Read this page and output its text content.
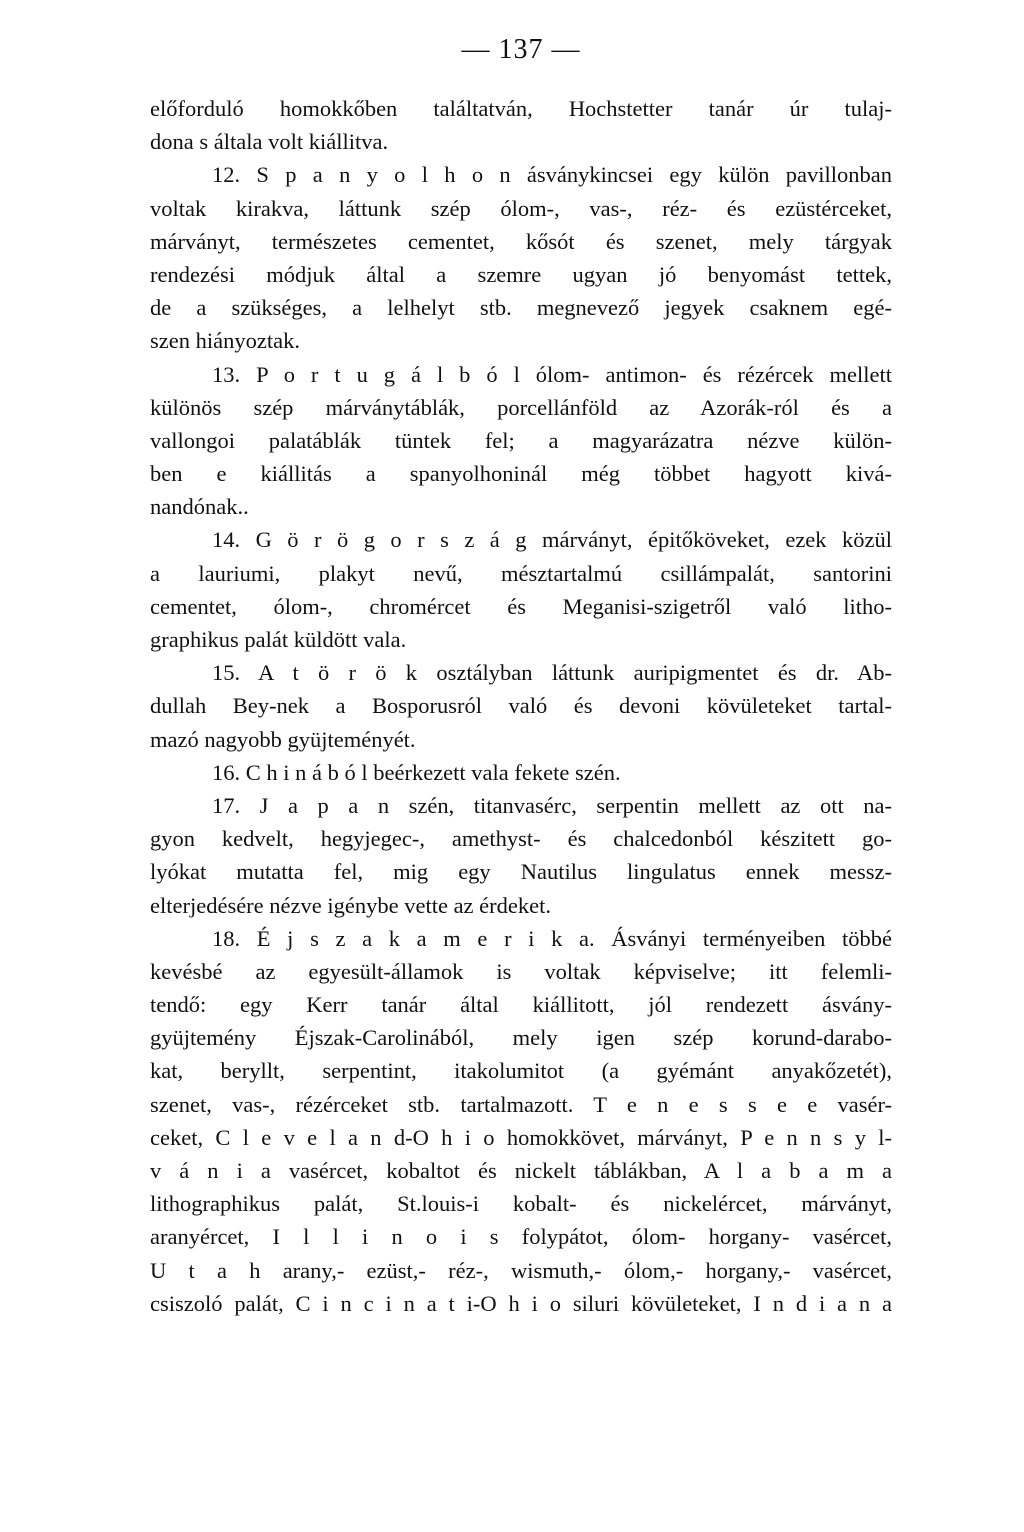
— 137 —
előforduló homokkőben találtatván, Hochstetter tanár úr tulaj-
dona s általa volt kiállitva.
12. S p a n y o l h o n ásványkincsei egy külön pavillonban
voltak kirakva, láttunk szép ólom-, vas-, réz- és ezüstérceket,
márványt, természetes cementet, kősót és szenet, mely tárgyak
rendezési módjuk által a szemre ugyan jó benyomást tettek,
de a szükséges, a lelhelyt stb. megnevező jegyek csaknem egé-
szen hiányoztak.
13. P o r t u g á l b ó l ólom- antimon- és rézércek mellett
különös szép márványtáblák, porcellánföld az Azorák-ról és a
vallongoi palatáblák tüntek fel; a magyarázatra nézve külön-
ben e kiállitás a spanyolhoninál még többet hagyott kivá-
nandónak..
14. G ö r ö g o r s z á g márványt, épitőköveket, ezek közül
a lauriumi, plakyt nevű, mésztartalmú csillámpalát, santorini
cementet, ólom-, chromércet és Meganisi-szigetről való litho-
graphikus palát küldött vala.
15. A t ö r ö k osztályban láttunk auripigmentet és dr. Ab-
dullah Bey-nek a Bosporusról való és devoni kövületeket tartal-
mazó nagyobb gyüjteményét.
16. C h i n á b ó l beérkezett vala fekete szén.
17. J a p a n szén, titanvasérc, serpentin mellett az ott na-
gyon kedvelt, hegyjegec-, amethyst- és chalcedonból készitett go-
lyókat mutatta fel, mig egy Nautilus lingulatus ennek messz-
elterjedésére nézve igénybe vette az érdeket.
18. É j s z a k a m e r i k a. Ásványi terményeiben többé
kevésbé az egyesült-államok is voltak képviselve; itt felemli-
tendő: egy Kerr tanár által kiállitott, jól rendezett ásvány-
gyüjtemény Éjszak-Carolinából, mely igen szép korund-darabo-
kat, beryllt, serpentint, itakolumitot (a gyémánt anyakőzetét),
szenet, vas-, rézérceket stb. tartalmazott. T e n e s s e e vasér-
ceket, C l e v e l a n d-O h i o homokkövet, márványt, P e n n s y l-
v á n i a vasércet, kobaltot és nickelt táblákban, A l a b a m a
lithographikus palát, St.louis-i kobalt- és nickelércet, márványt,
aranyércet, I l l i n o i s folypátot, ólom- horgany- vasércet,
U t a h arany,- ezüst,- réz-, wismuth,- ólom,- horgany,- vasércet,
csiszoló palát, C i n c i n a t i-O h i o siluri kövületeket, I n d i a n a
